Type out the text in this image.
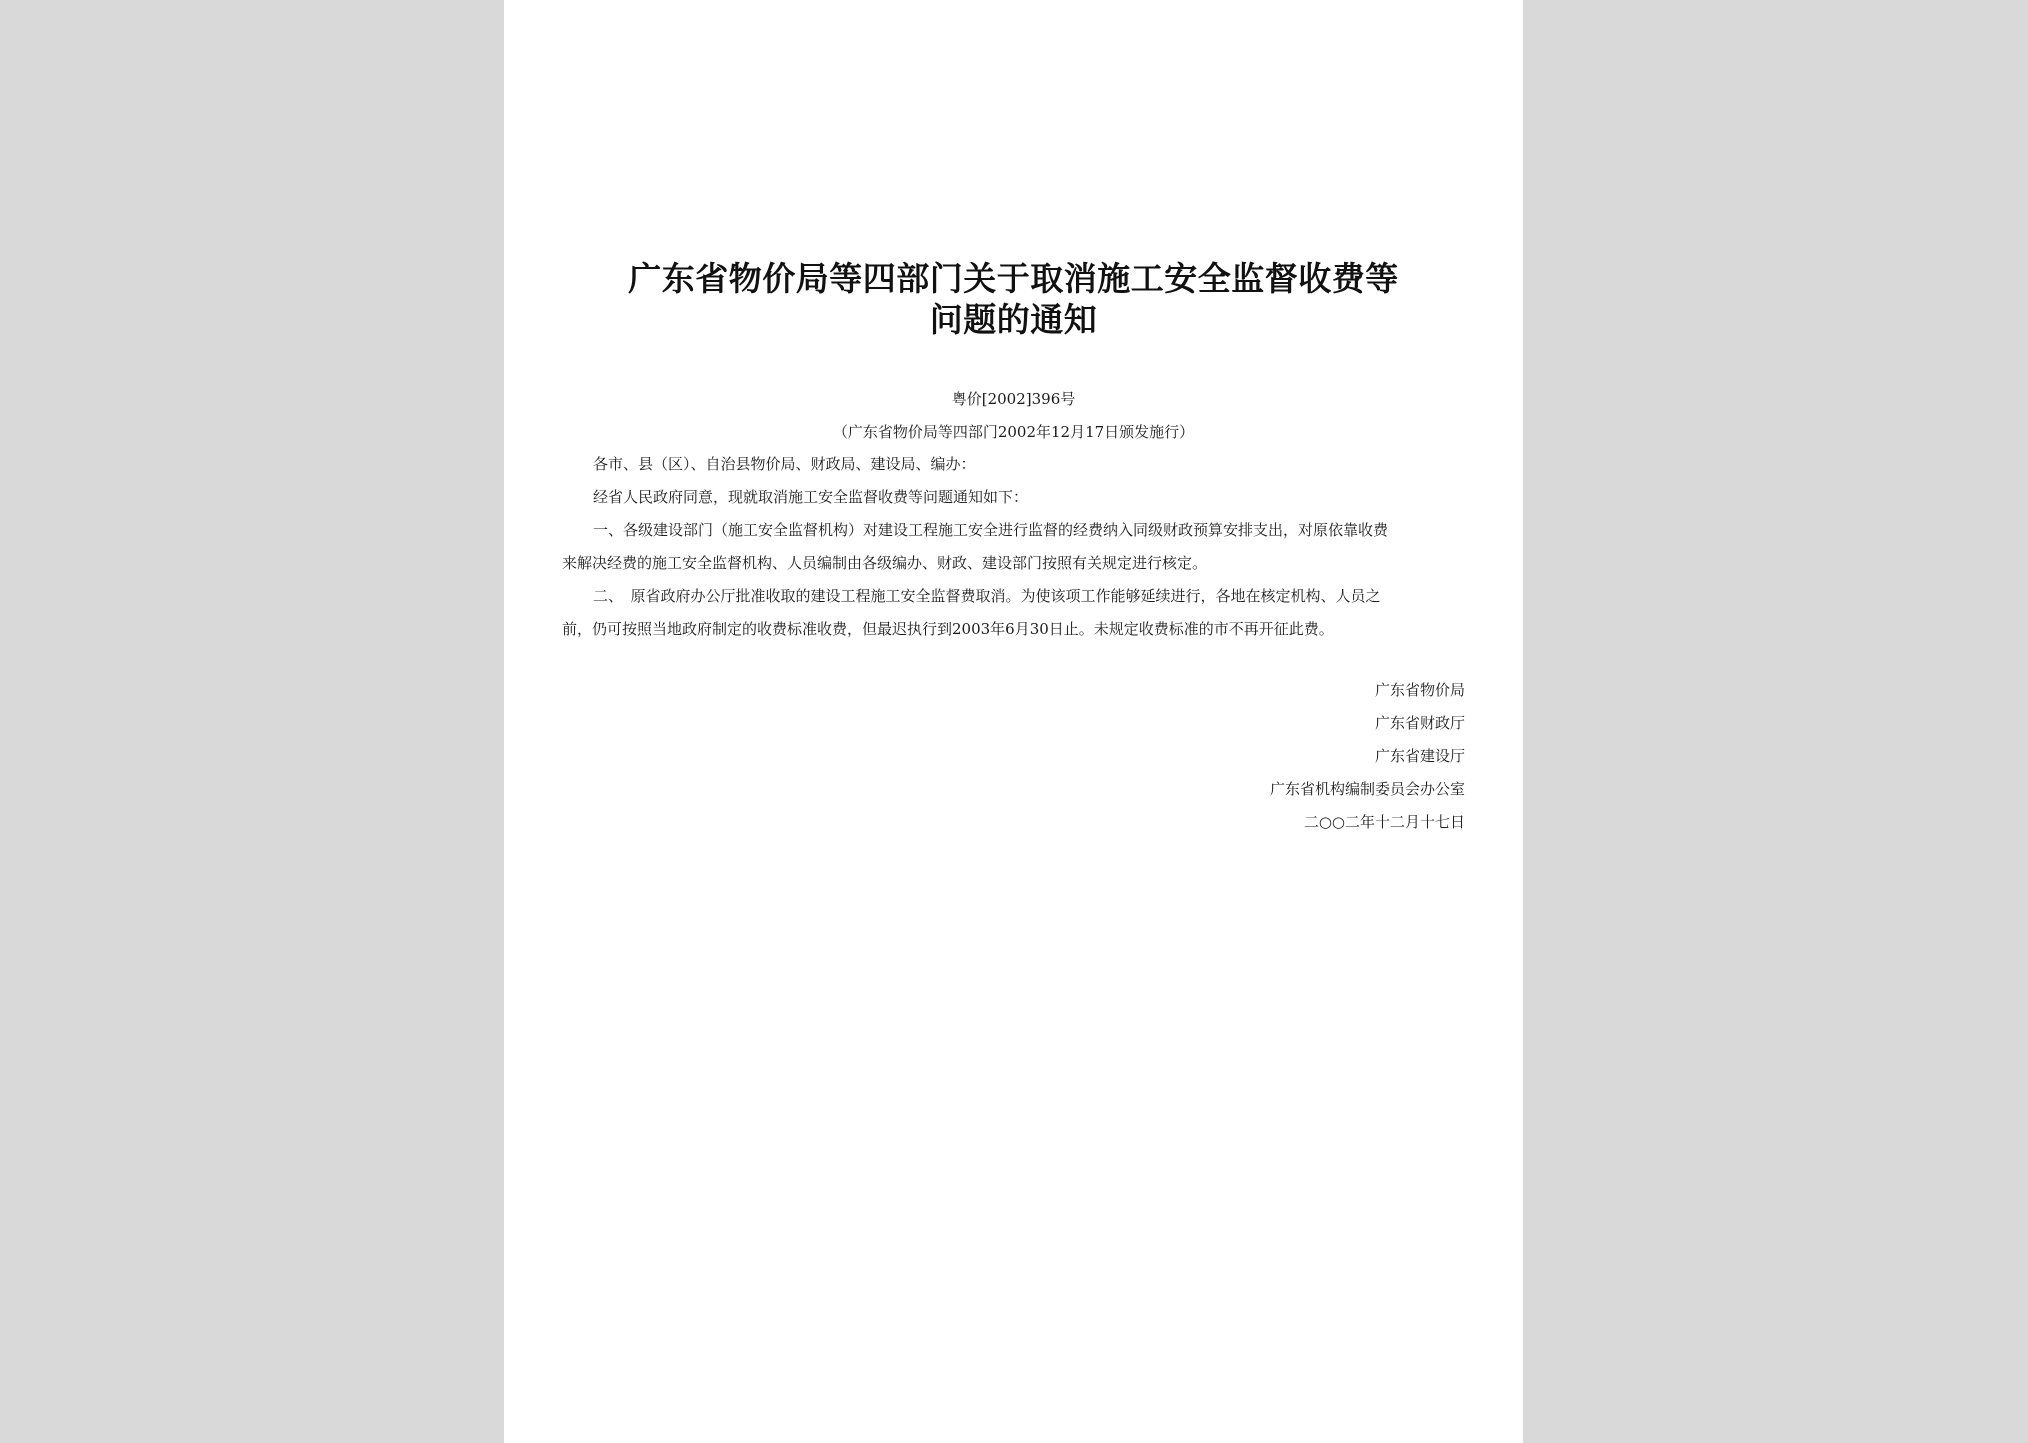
广东省物价局等四部门关于取消施工安全监督收费等
问题的通知
粤价[2002]396号
（广东省物价局等四部门2002年12月17日颁发施行）
各市、县（区）、自治县物价局、财政局、建设局、编办：
经省人民政府同意，现就取消施工安全监督收费等问题通知如下：
一、各级建设部门（施工安全监督机构）对建设工程施工安全进行监督的经费纳入同级财政预算安排支出，对原依靠收费
来解决经费的施工安全监督机构、人员编制由各级编办、财政、建设部门按照有关规定进行核定。
二、　原省政府办公厅批准收取的建设工程施工安全监督费取消。为使该项工作能够延续进行，各地在核定机构、人员之
前，仍可按照当地政府制定的收费标准收费，但最迟执行到2003年6月30日止。未规定收费标准的市不再开征此费。
广东省物价局
广东省财政厅
广东省建设厅
广东省机构编制委员会办公室
二○○二年十二月十七日
